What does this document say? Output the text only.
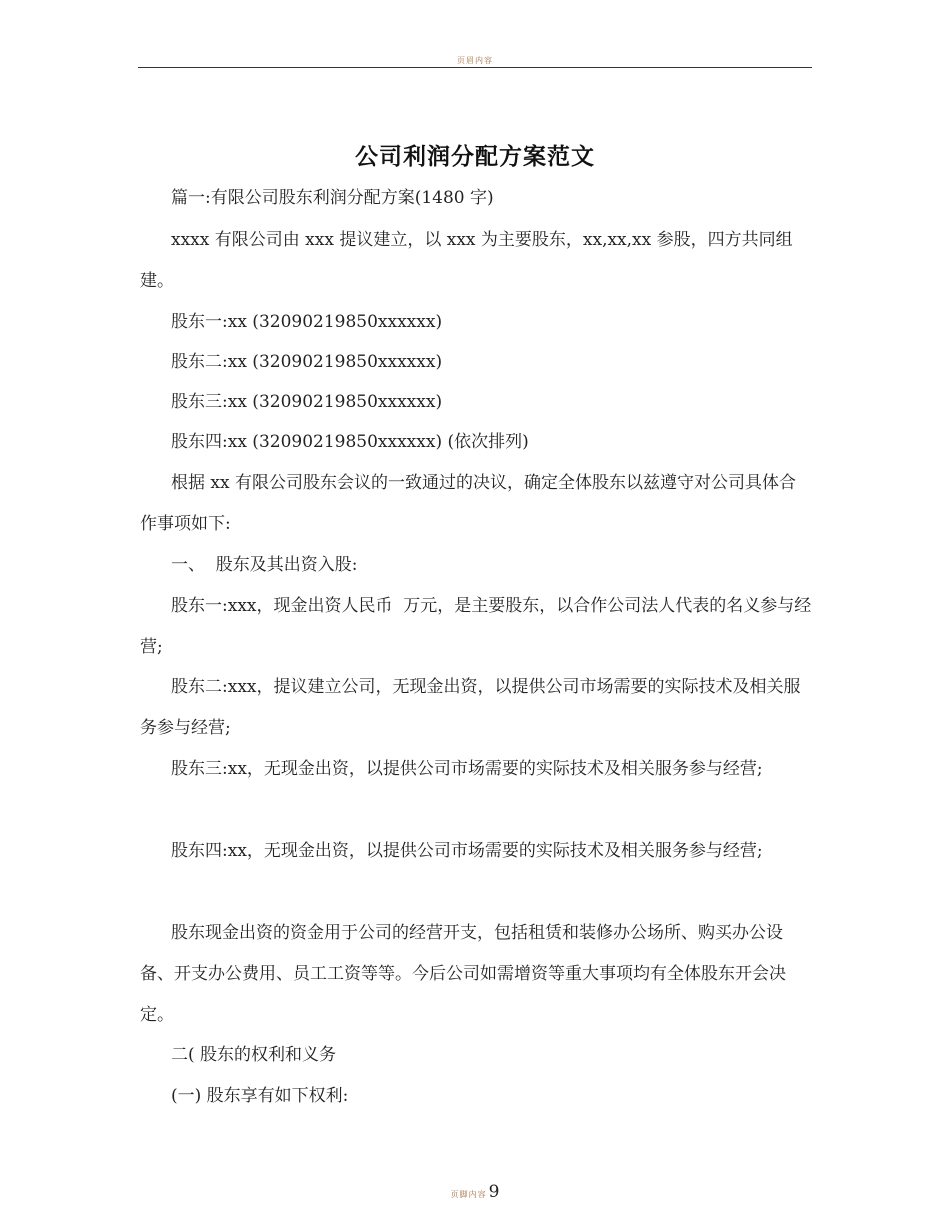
页眉内容
公司利润分配方案范文
篇一:有限公司股东利润分配方案(1480 字)
xxxx 有限公司由 xxx 提议建立，以 xxx 为主要股东，xx,xx,xx 参股，四方共同组建。
股东一:xx (32090219850xxxxxx)
股东二:xx (32090219850xxxxxx)
股东三:xx (32090219850xxxxxx)
股东四:xx (32090219850xxxxxx) (依次排列)
根据 xx 有限公司股东会议的一致通过的决议，确定全体股东以兹遵守对公司具体合作事项如下:
一、  股东及其出资入股:
股东一:xxx，现金出资人民币  万元，是主要股东，以合作公司法人代表的名义参与经营;
股东二:xxx，提议建立公司，无现金出资，以提供公司市场需要的实际技术及相关服务参与经营;
股东三:xx，无现金出资，以提供公司市场需要的实际技术及相关服务参与经营;
股东四:xx，无现金出资，以提供公司市场需要的实际技术及相关服务参与经营;
股东现金出资的资金用于公司的经营开支，包括租赁和装修办公场所、购买办公设备、开支办公费用、员工工资等等。今后公司如需增资等重大事项均有全体股东开会决定。
二( 股东的权利和义务
(一) 股东享有如下权利:
页脚内容 9
